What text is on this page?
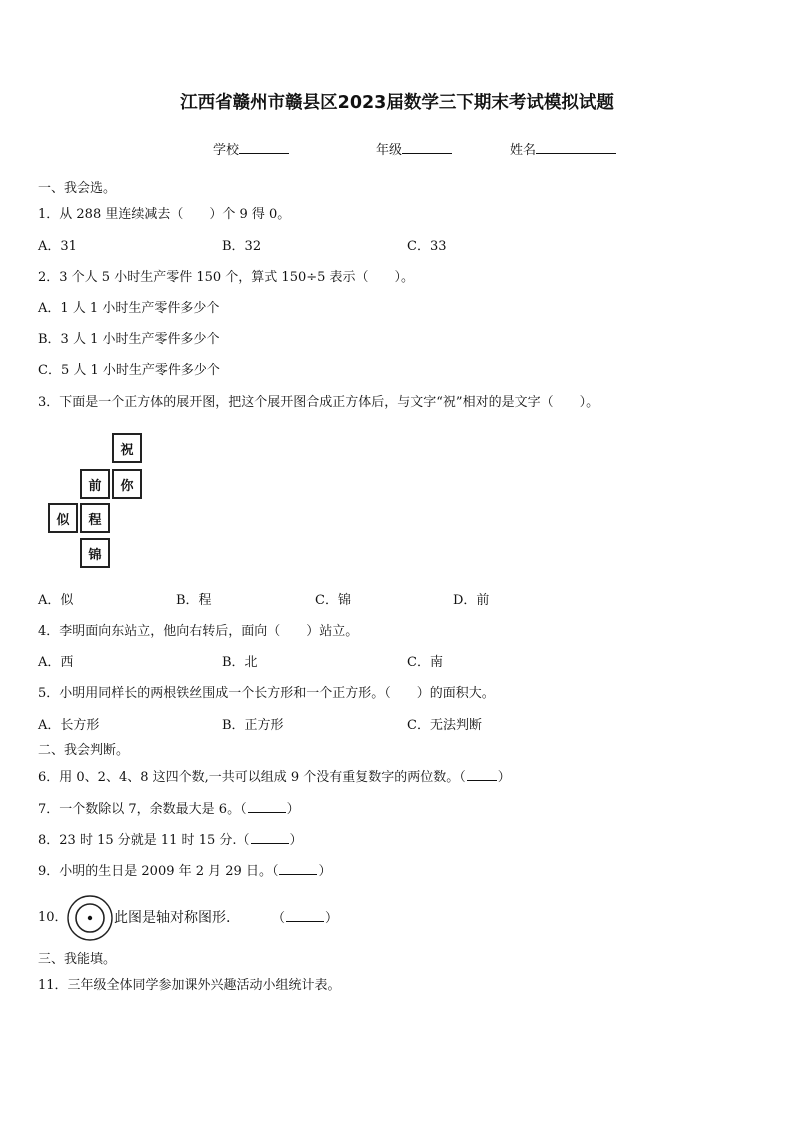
江西省赣州市赣县区2023届数学三下期末考试模拟试题
学校	年级	姓名
一、我会选。
1．从 288 里连续减去（　　）个 9 得 0。
A．31	B．32	C．33
2．3 个人 5 小时生产零件 150 个，算式 150÷5 表示（　　）。
A．1 人 1 小时生产零件多少个
B．3 人 1 小时生产零件多少个
C．5 人 1 小时生产零件多少个
3．下面是一个正方体的展开图，把这个展开图合成正方体后，与文字“祝”相对的是文字（　　）。
祝
前	你
似	程
锦
A．似	B．程	C．锦	D．前
4．李明面向东站立，他向右转后，面向（　　）站立。
A．西	B．北	C．南
5．小明用同样长的两根铁丝围成一个长方形和一个正方形。（　　）的面积大。
A．长方形	B．正方形	C．无法判断
二、我会判断。
6．用 0、2、4、8 这四个数,一共可以组成 9 个没有重复数字的两位数。（ ）
7．一个数除以 7，余数最大是 6。（	）
8．23 时 15 分就是 11 时 15 分.（	）
9．小明的生日是 2009 年 2 月 29 日。（	）
10．	此图是轴对称图形.	（	）
三、我能填。
11．三年级全体同学参加课外兴趣活动小组统计表。
